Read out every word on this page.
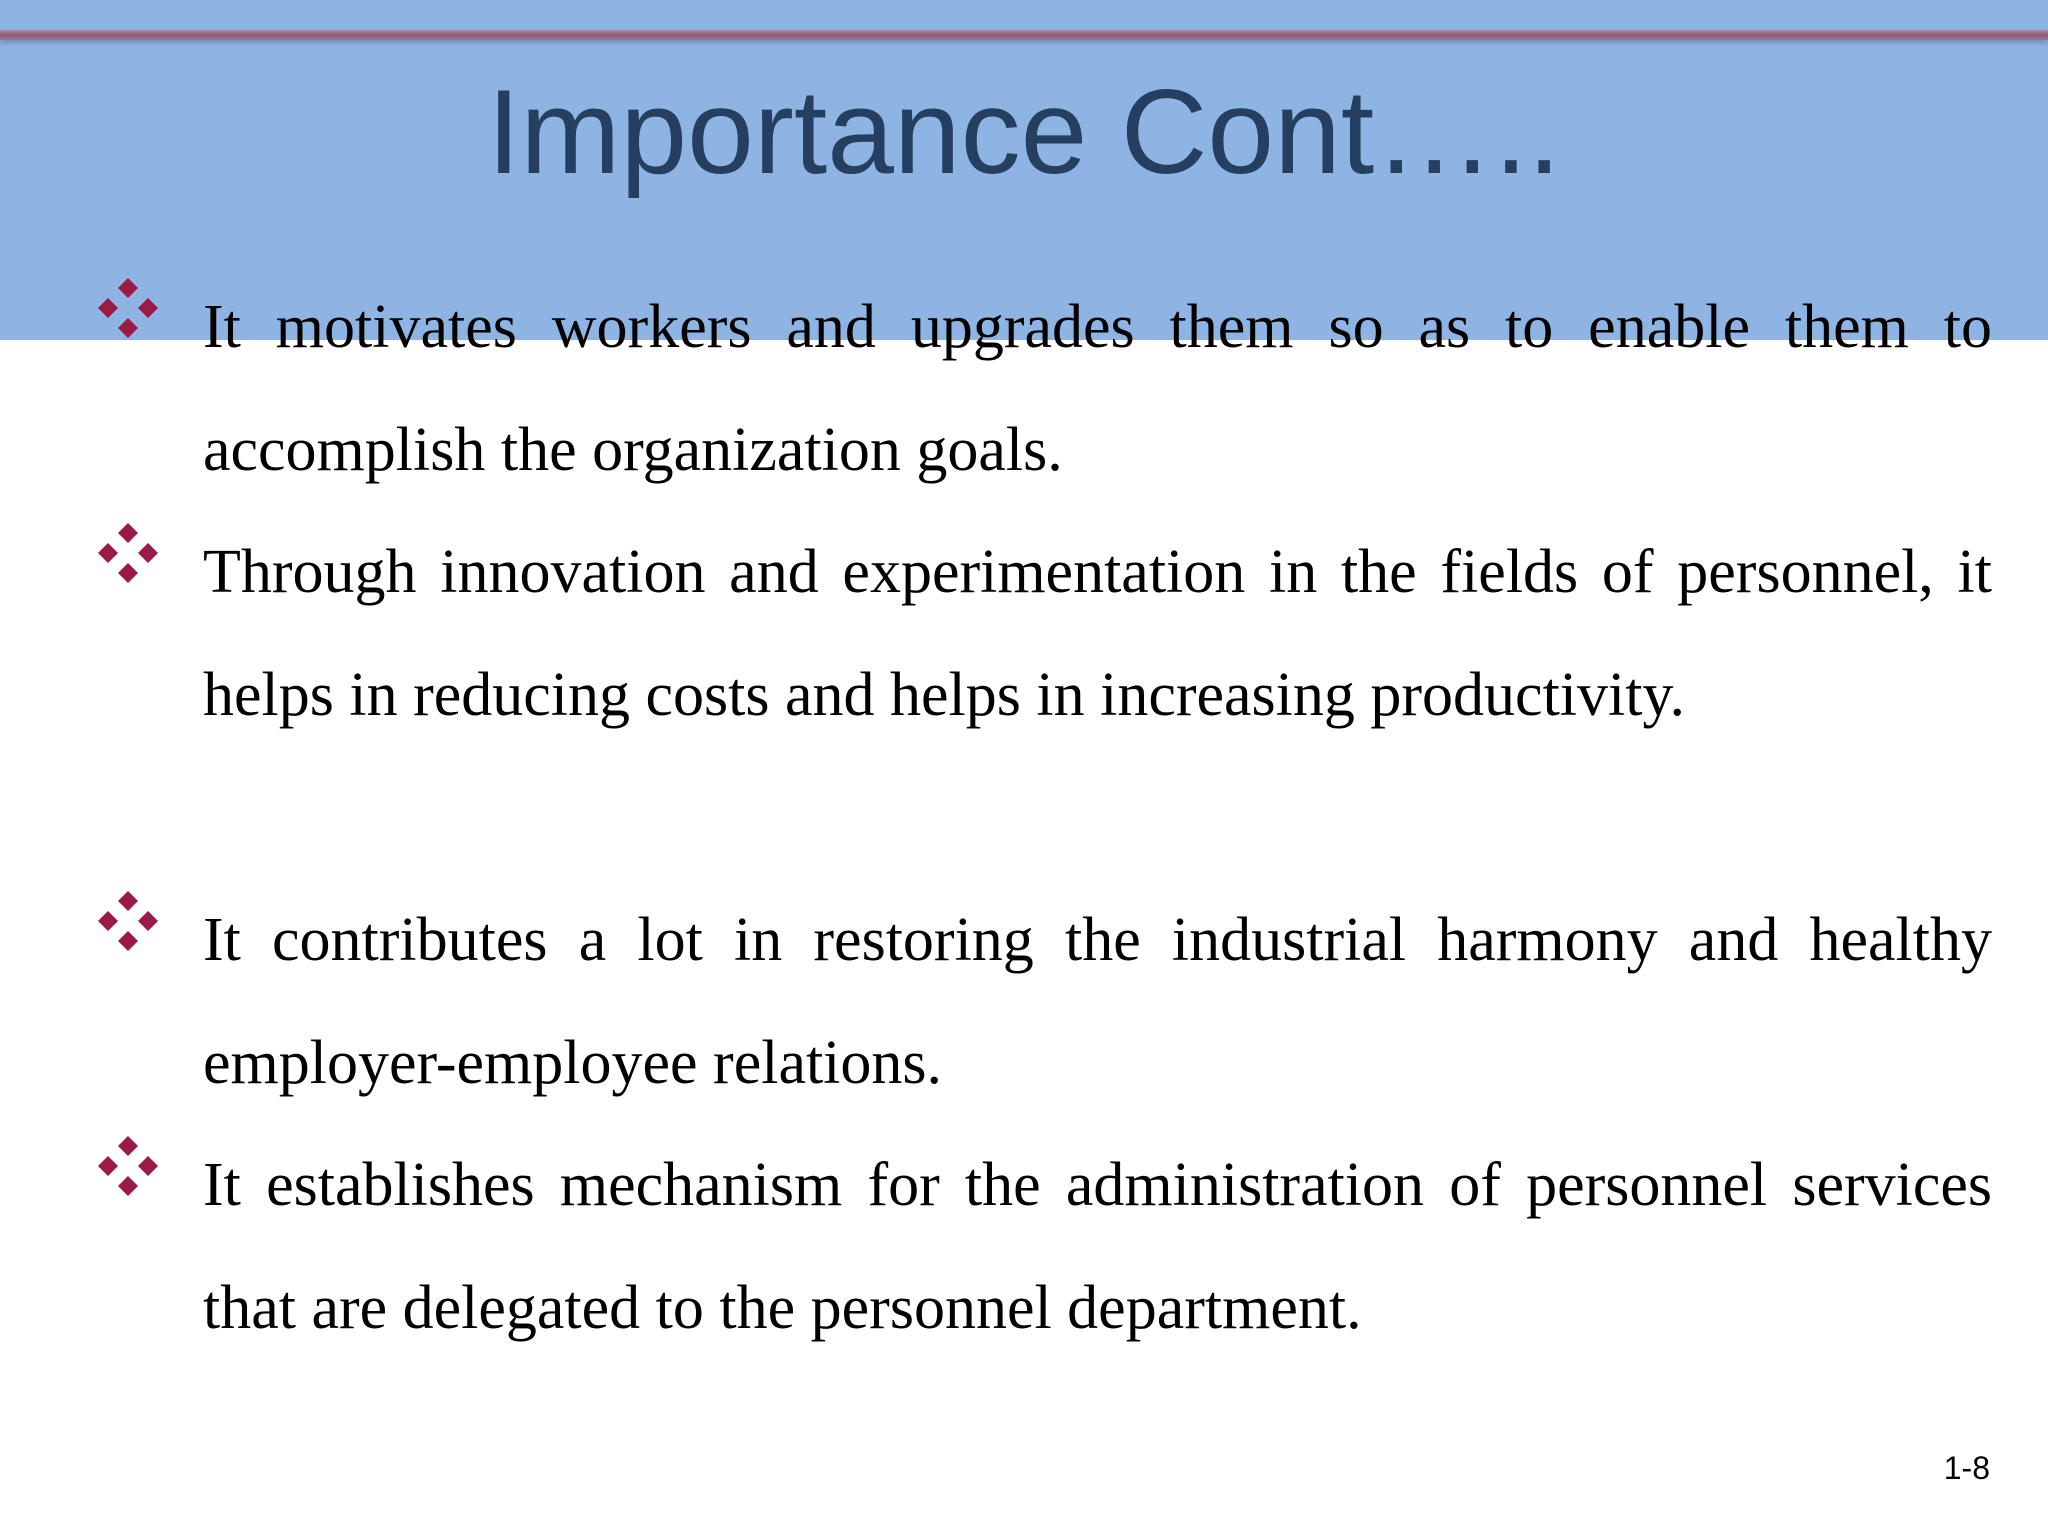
Importance Cont…..
It motivates workers and upgrades them so as to enable them to accomplish the organization goals.
Through innovation and experimentation in the fields of personnel, it helps in reducing costs and helps in increasing productivity.
It contributes a lot in restoring the industrial harmony and healthy employer-employee relations.
It establishes mechanism for the administration of personnel services that are delegated to the personnel department.
1-8
